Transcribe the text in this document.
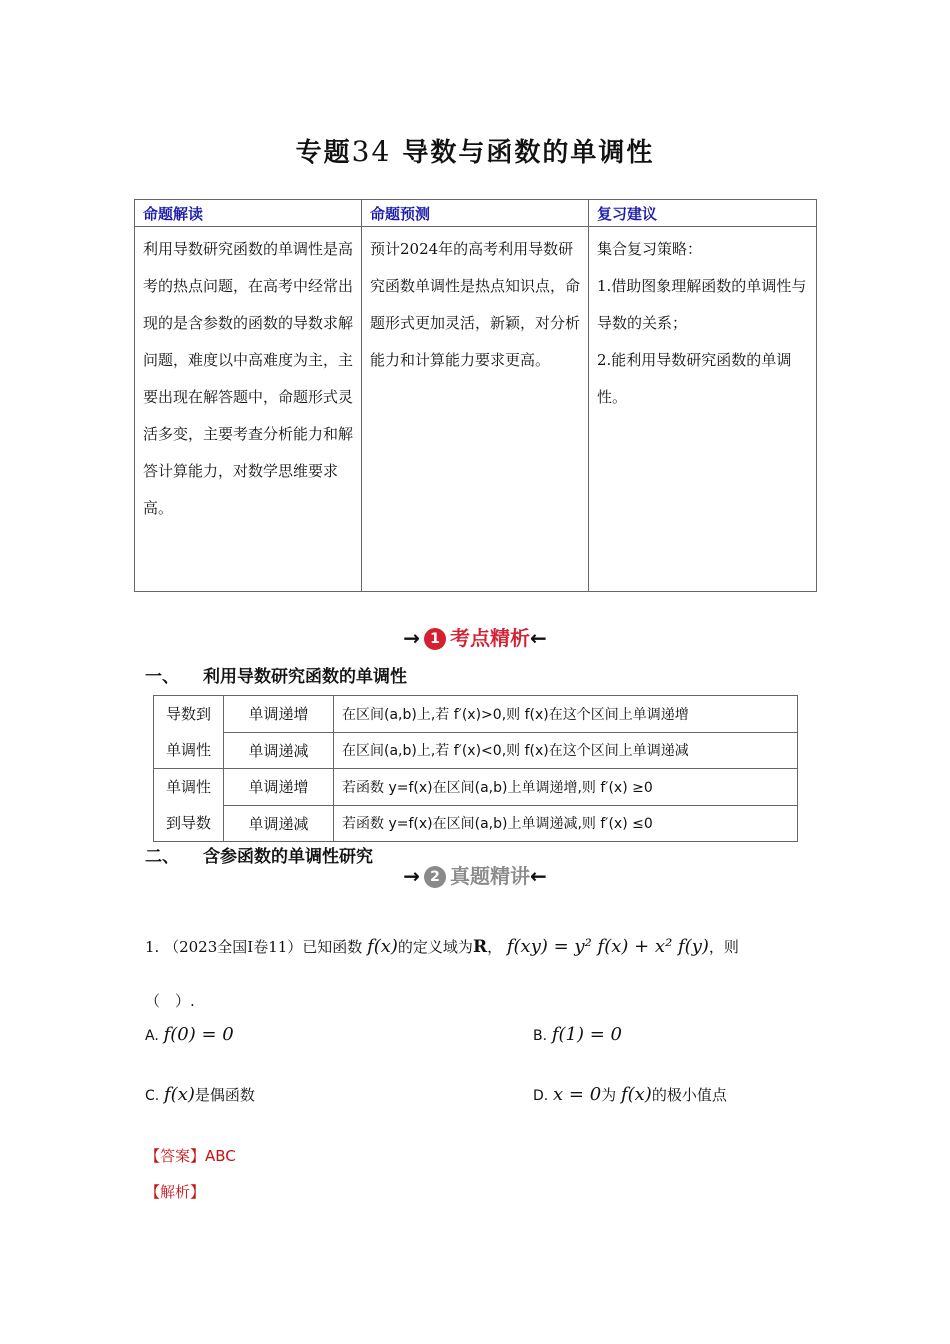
专题34 导数与函数的单调性
命题解读	命题预测	复习建议
利用导数研究函数的单调性是高考的热点问题，在高考中经常出现的是含参数的函数的导数求解问题，难度以中高难度为主，主要出现在解答题中，命题形式灵活多变，主要考查分析能力和解答计算能力，对数学思维要求高。	预计2024年的高考利用导数研究函数单调性是热点知识点，命题形式更加灵活，新颖，对分析能力和计算能力要求更高。	集合复习策略：

1.借助图象理解函数的单调性与导数的关系；

2.能利用导数研究函数的单调性。

→ 1 考点精析←
一、 利用导数研究函数的单调性
导数到单调性	单调递增	在区间(a,b)上,若 f′(x)>0,则 f(x)在这个区间上单调递增
	单调递减	在区间(a,b)上,若 f′(x)<0,则 f(x)在这个区间上单调递减
单调性到导数	单调递增	若函数 y=f(x)在区间(a,b)上单调递增,则 f′(x) ≥0
	单调递减	若函数 y=f(x)在区间(a,b)上单调递减,则 f′(x) ≤0
二、 含参函数的单调性研究
→ 2 真题精讲←
1. （2023全国Ⅰ卷11）已知函数 f(x)的定义域为R， f(xy) = y² f(x) + x² f(y)，则
（　）.
A. f(0) = 0	B. f(1) = 0
C. f(x)是偶函数	D. x = 0为 f(x)的极小值点
【答案】ABC
【解析】
